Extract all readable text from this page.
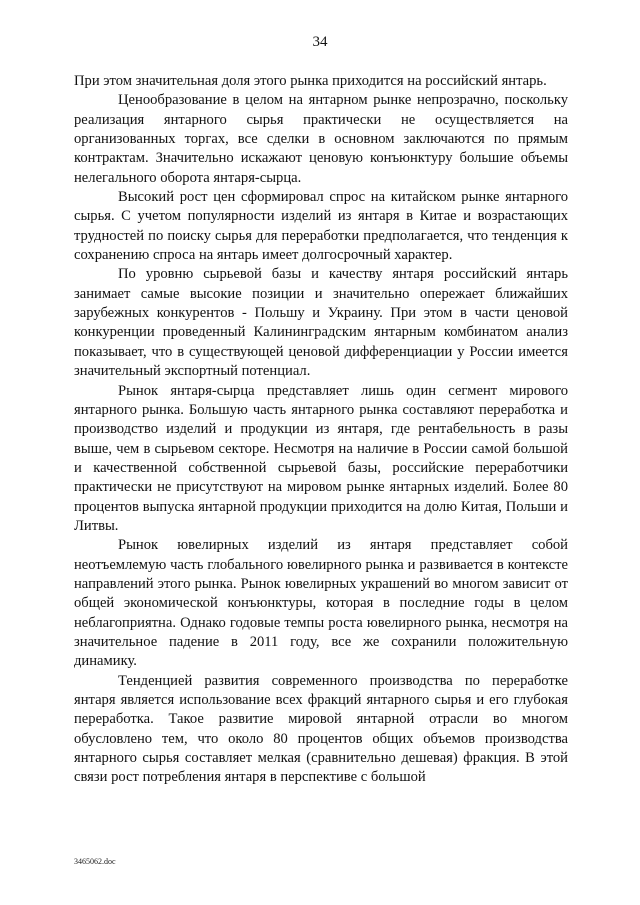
34

При этом значительная доля этого рынка приходится на российский янтарь.

Ценообразование в целом на янтарном рынке непрозрачно, поскольку реализация янтарного сырья практически не осуществляется на организованных торгах, все сделки в основном заключаются по прямым контрактам. Значительно искажают ценовую конъюнктуру большие объемы нелегального оборота янтаря-сырца.

Высокий рост цен сформировал спрос на китайском рынке янтарного сырья. С учетом популярности изделий из янтаря в Китае и возрастающих трудностей по поиску сырья для переработки предполагается, что тенденция к сохранению спроса на янтарь имеет долгосрочный характер.

По уровню сырьевой базы и качеству янтаря российский янтарь занимает самые высокие позиции и значительно опережает ближайших зарубежных конкурентов - Польшу и Украину. При этом в части ценовой конкуренции проведенный Калининградским янтарным комбинатом анализ показывает, что в существующей ценовой дифференциации у России имеется значительный экспортный потенциал.

Рынок янтаря-сырца представляет лишь один сегмент мирового янтарного рынка. Большую часть янтарного рынка составляют переработка и производство изделий и продукции из янтаря, где рентабельность в разы выше, чем в сырьевом секторе. Несмотря на наличие в России самой большой и качественной собственной сырьевой базы, российские переработчики практически не присутствуют на мировом рынке янтарных изделий. Более 80 процентов выпуска янтарной продукции приходится на долю Китая, Польши и Литвы.

Рынок ювелирных изделий из янтаря представляет собой неотъемлемую часть глобального ювелирного рынка и развивается в контексте направлений этого рынка. Рынок ювелирных украшений во многом зависит от общей экономической конъюнктуры, которая в последние годы в целом неблагоприятна. Однако годовые темпы роста ювелирного рынка, несмотря на значительное падение в 2011 году, все же сохранили положительную динамику.

Тенденцией развития современного производства по переработке янтаря является использование всех фракций янтарного сырья и его глубокая переработка. Такое развитие мировой янтарной отрасли во многом обусловлено тем, что около 80 процентов общих объемов производства янтарного сырья составляет мелкая (сравнительно дешевая) фракция. В этой связи рост потребления янтаря в перспективе с большой

3465062.doc
